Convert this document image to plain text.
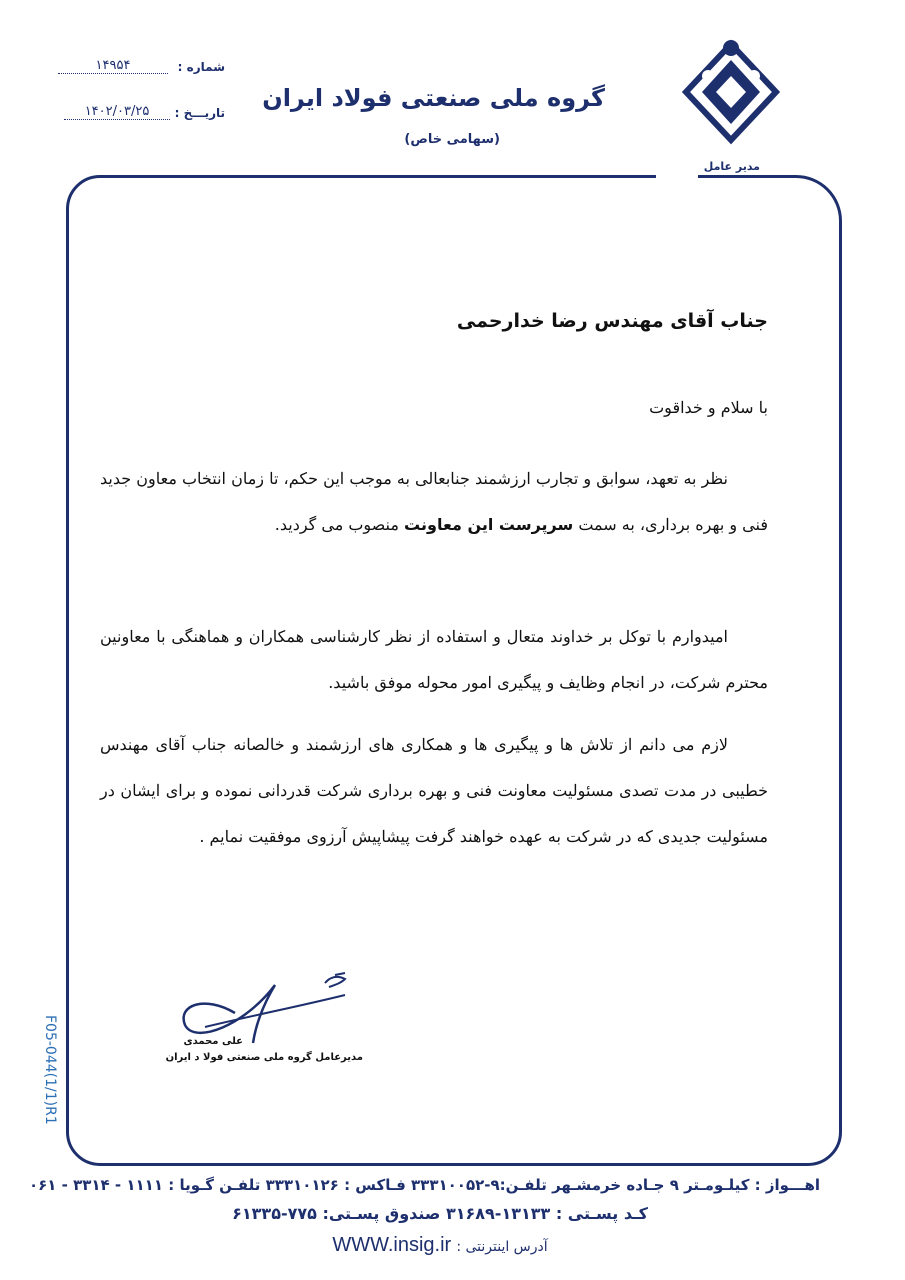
شماره :
۱۴۹۵۴
تاریـــخ :
۱۴۰۲/۰۳/۲۵	گروه ملی صنعتی فولاد ایران
(سهامی خاص)
مدیر عامل
جناب آقای مهندس رضا خدارحمی
با سلام و خداقوت
نظر به تعهد، سوابق و تجارب ارزشمند جنابعالی به موجب این حکم، تا زمان انتخاب معاون جدید فنی و بهره برداری، به سمت سرپرست این معاونت منصوب می گردید.
امیدوارم با توکل بر خداوند متعال و استفاده از نظر کارشناسی همکاران و هماهنگی با معاونین محترم شرکت، در انجام وظایف و پیگیری امور محوله موفق باشید.
لازم می دانم از تلاش ها و پیگیری ها و همکاری های ارزشمند و خالصانه جناب آقای مهندس خطیبی در مدت تصدی مسئولیت معاونت فنی و بهره برداری شرکت قدردانی نموده و برای ایشان در مسئولیت جدیدی که در شرکت به عهده خواهند گرفت پیشاپیش آرزوی موفقیت نمایم .
علی محمدی
مدیرعامل گروه ملی صنعتی فولا د ایران
F05-044(1/1)R1
اهـــواز : کیلـومـتر ۹ جـاده خرمشـهر تلفـن:۹-۳۳۳۱۰۰۵۲ فـاکس : ۳۳۳۱۰۱۲۶ تلفـن گـویا : ۱۱۱۱ - ۳۳۱۴ - ۰۶۱
کـد پسـتی : ۱۳۱۳۳-۳۱۶۸۹ صندوق پسـتی: ۷۷۵-۶۱۳۳۵
آدرس اینترنتی : WWW.insig.ir
